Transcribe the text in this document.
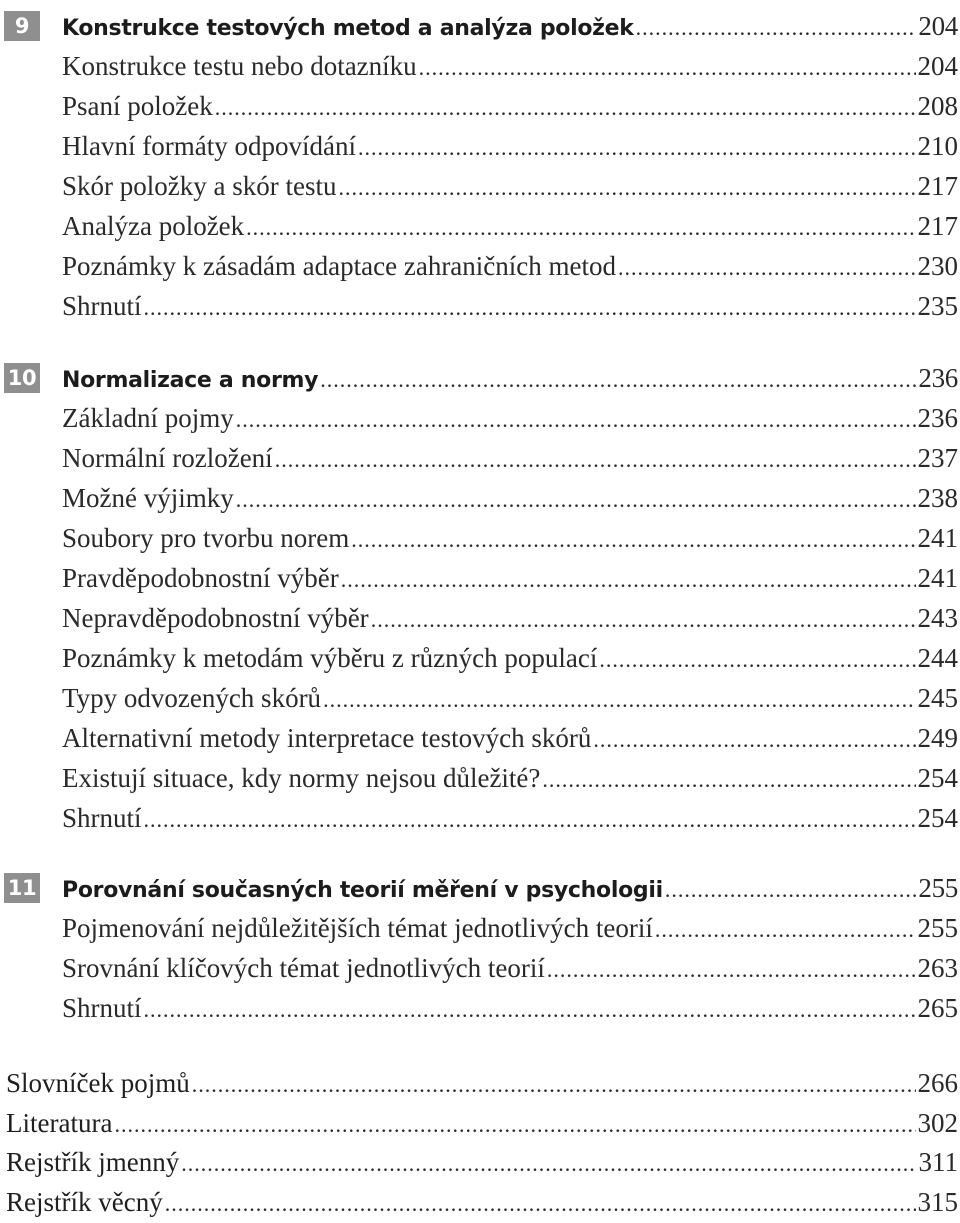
9	Konstrukce testových metod a analýza položek .....	204
Konstrukce testu nebo dotazníku .....	204
Psaní položek .....	208
Hlavní formáty odpovídání .....	210
Skór položky a skór testu .....	217
Analýza položek .....	217
Poznámky k zásadám adaptace zahraničních metod .....	230
Shrnutí .....	235
10 Normalizace a normy .....	236
Základní pojmy .....	236
Normální rozložení .....	237
Možné výjimky .....	238
Soubory pro tvorbu norem .....	241
Pravděpodobnostní výběr .....	241
Nepravděpodobnostní výběr .....	243
Poznámky k metodám výběru z různých populací .....	244
Typy odvozených skórů .....	245
Alternativní metody interpretace testových skórů .....	249
Existují situace, kdy normy nejsou důležité? .....	254
Shrnutí .....	254
11 Porovnání současných teorií měření v psychologii .....	255
Pojmenování nejdůležitějších témat jednotlivých teorií .....	255
Srovnání klíčových témat jednotlivých teorií .....	263
Shrnutí .....	265
Slovníček pojmů .....	266
Literatura .....	302
Rejstřík jmenný .....	311
Rejstřík věcný .....	315
